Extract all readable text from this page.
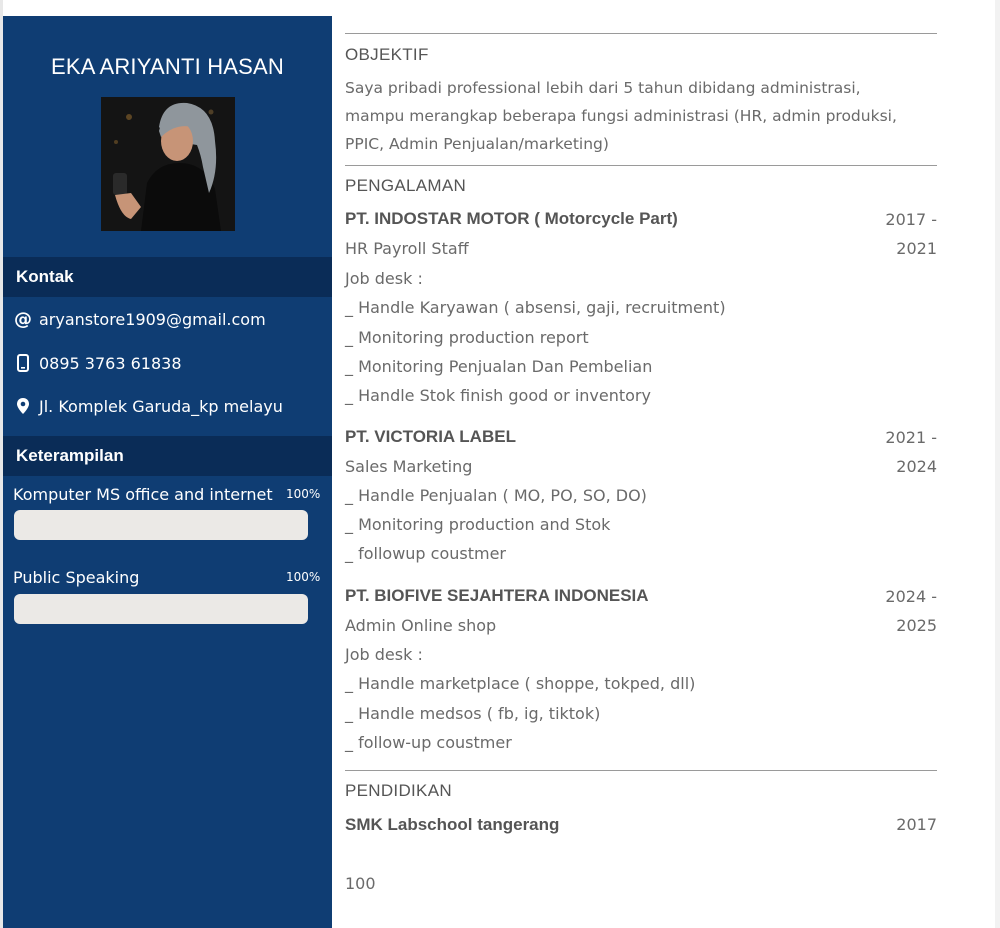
EKA ARIYANTI HASAN
Kontak
@ aryanstore1909@gmail.com
0895 3763 61838
Jl. Komplek Garuda_kp melayu
Keterampilan
Komputer MS office and internet 100%
Public Speaking	100%
OBJEKTIF
Saya pribadi professional lebih dari 5 tahun dibidang administrasi,
mampu merangkap beberapa fungsi administrasi (HR, admin produksi,
PPIC, Admin Penjualan/marketing)
PENGALAMAN
PT. INDOSTAR MOTOR ( Motorcycle Part)	2017 -
HR Payroll Staff	2021
Job desk :
_ Handle Karyawan ( absensi, gaji, recruitment)
_ Monitoring production report
_ Monitoring Penjualan Dan Pembelian
_ Handle Stok finish good or inventory
PT. VICTORIA LABEL	2021 -
Sales Marketing	2024
_ Handle Penjualan ( MO, PO, SO, DO)
_ Monitoring production and Stok
_ followup coustmer
PT. BIOFIVE SEJAHTERA INDONESIA	2024 -
Admin Online shop	2025
Job desk :
_ Handle marketplace ( shoppe, tokped, dll)
_ Handle medsos ( fb, ig, tiktok)
_ follow-up coustmer
PENDIDIKAN
SMK Labschool tangerang	2017
100
